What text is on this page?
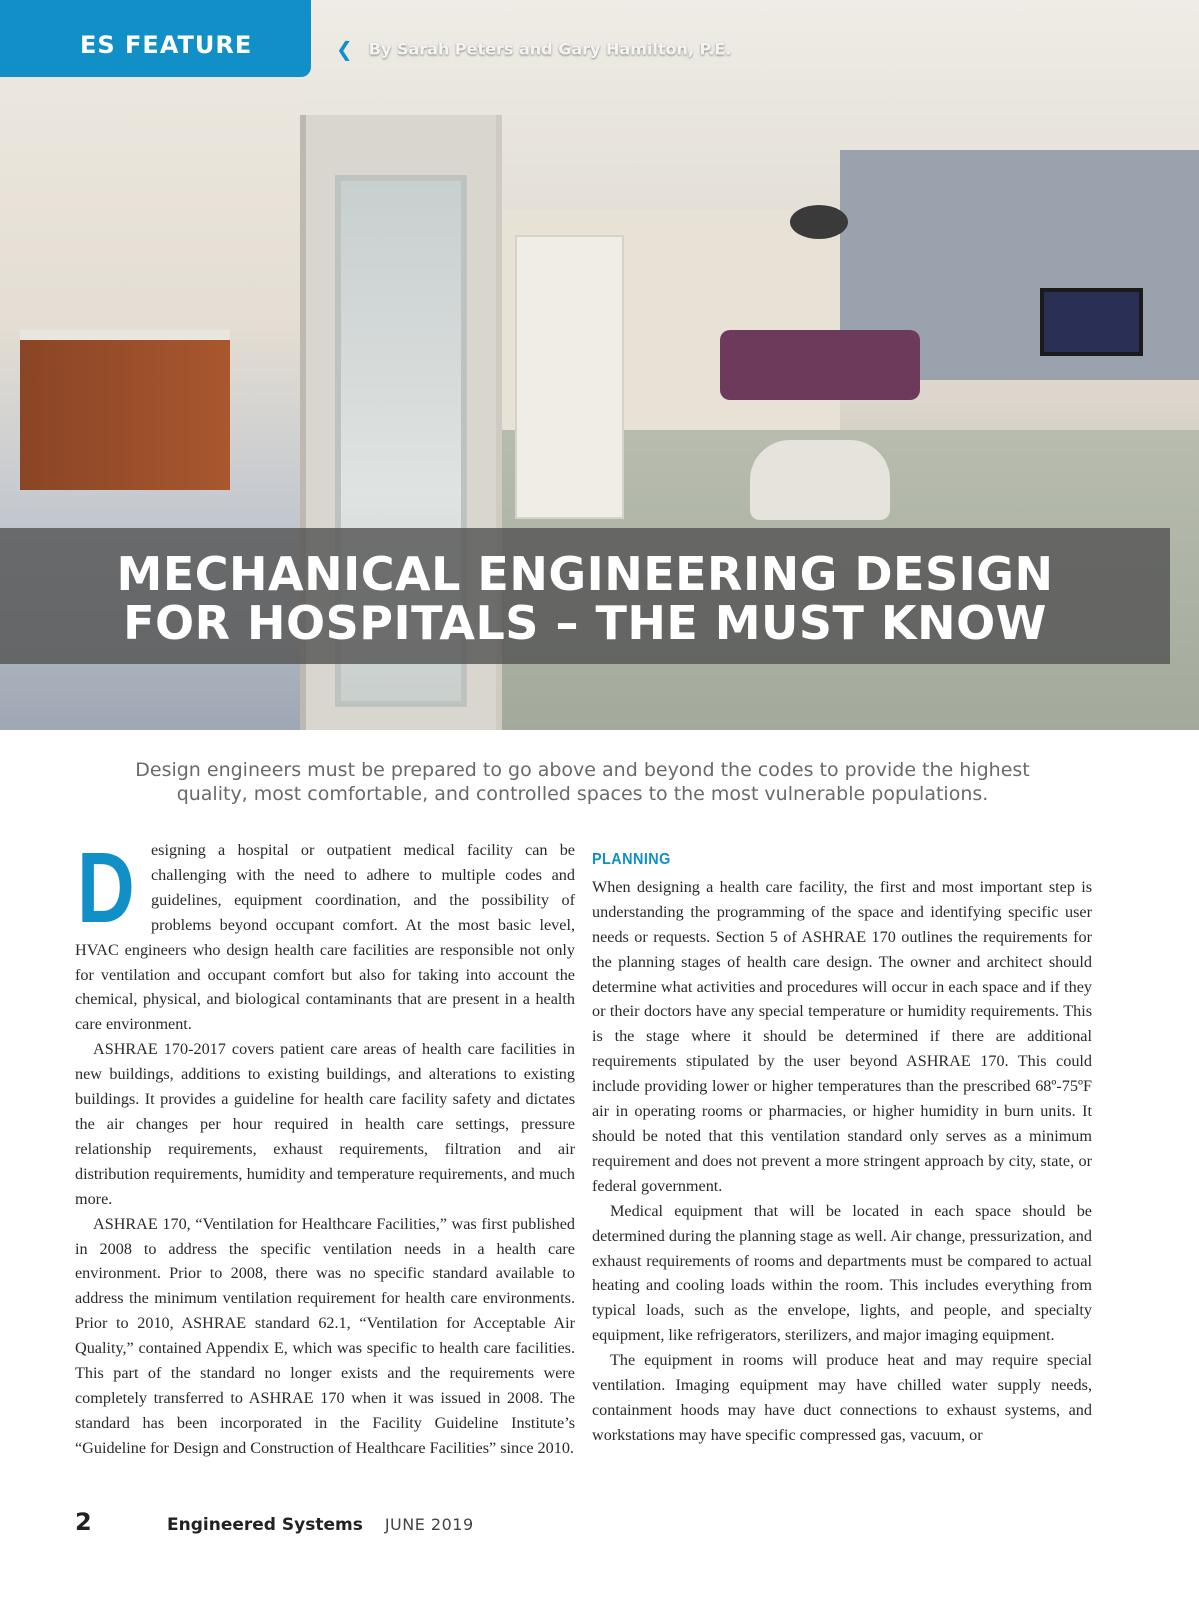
ES FEATURE	❮ By Sarah Peters and Gary Hamilton, P.E.
MECHANICAL ENGINEERING DESIGN
FOR HOSPITALS – THE MUST KNOW
Design engineers must be prepared to go above and beyond the codes to provide the highest quality, most comfortable, and controlled spaces to the most vulnerable populations.
D	esigning a hospital or outpatient medical facility can be challenging with the need to adhere to multiple codes and guidelines, equipment coordination, and the possibility of problems beyond occupant comfort. At the most basic level, HVAC engineers who design health care facilities are responsible not only for ventilation and occupant comfort but also for taking into account the chemical, physical, and biological contaminants that are present in a health care environment.

ASHRAE 170-2017 covers patient care areas of health care facilities in new buildings, additions to existing buildings, and alterations to existing buildings. It provides a guideline for health care facility safety and dictates the air changes per hour required in health care settings, pressure relationship requirements, exhaust requirements, filtration and air distribution requirements, humidity and temperature requirements, and much more.

ASHRAE 170, “Ventilation for Healthcare Facilities,” was first published in 2008 to address the specific ventilation needs in a health care environment. Prior to 2008, there was no specific standard available to address the minimum ventilation requirement for health care environments. Prior to 2010, ASHRAE standard 62.1, “Ventilation for Acceptable Air Quality,” contained Appendix E, which was specific to health care facilities. This part of the standard no longer exists and the requirements were completely transferred to ASHRAE 170 when it was issued in 2008. The standard has been incorporated in the Facility Guideline Institute’s “Guideline for Design and Construction of Healthcare Facilities” since 2010.

PLANNING

When designing a health care facility, the first and most important step is understanding the programming of the space and identifying specific user needs or requests. Section 5 of ASHRAE 170 outlines the requirements for the planning stages of health care design. The owner and architect should determine what activities and procedures will occur in each space and if they or their doctors have any special temperature or humidity requirements. This is the stage where it should be determined if there are additional requirements stipulated by the user beyond ASHRAE 170. This could include providing lower or higher temperatures than the prescribed 68º-75ºF air in operating rooms or pharmacies, or higher humidity in burn units. It should be noted that this ventilation standard only serves as a minimum requirement and does not prevent a more stringent approach by city, state, or federal government.

Medical equipment that will be located in each space should be determined during the planning stage as well. Air change, pressurization, and exhaust requirements of rooms and departments must be compared to actual heating and cooling loads within the room. This includes everything from typical loads, such as the envelope, lights, and people, and specialty equipment, like refrigerators, sterilizers, and major imaging equipment.

The equipment in rooms will produce heat and may require special ventilation. Imaging equipment may have chilled water supply needs, containment hoods may have duct connections to exhaust systems, and workstations may have specific compressed gas, vacuum, or

2	Engineered Systems JUNE 2019
